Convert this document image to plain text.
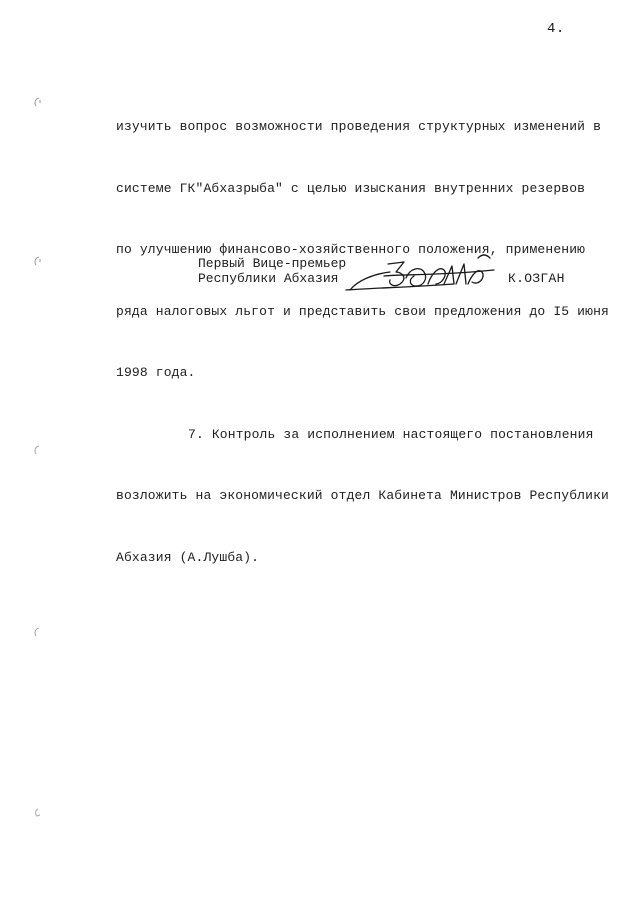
4.

изучить вопрос возможности проведения структурных изменений в

системе ГК"Абхазрыба" с целью изыскания внутренних резервов

по улучшению финансово-хозяйственного положения, применению

ряда налоговых льгот и представить свои предложения до I5 июня

1998 года.

7. Контроль за исполнением настоящего постановления

возложить на экономический отдел Кабинета Министров Республики

Абхазия (А.Лушба).

Первый Вице-премьер
Республики Абхазия	К.ОЗГАН
